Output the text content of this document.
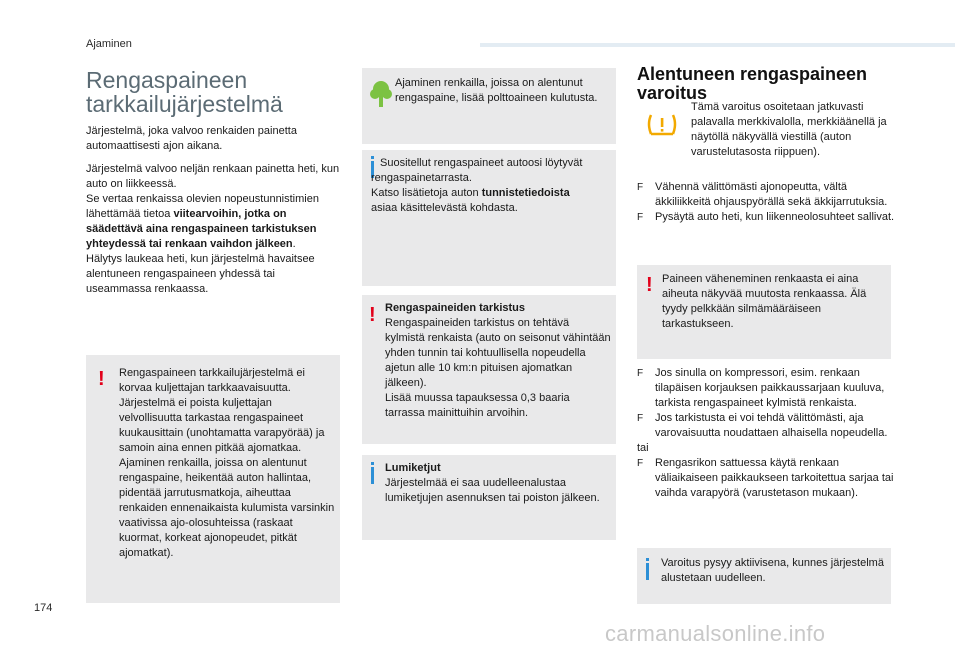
Ajaminen
Rengaspaineen
tarkkailujärjestelmä

Järjestelmä, joka valvoo renkaiden painetta automaattisesti ajon aikana.

Järjestelmä valvoo neljän renkaan painetta heti, kun auto on liikkeessä.
Se vertaa renkaissa olevien nopeustunnistimien lähettämää tietoa viitearvoihin, jotka on säädettävä aina rengaspaineen tarkistuksen yhteydessä tai renkaan vaihdon jälkeen.
Hälytys laukeaa heti, kun järjestelmä havaitsee alentuneen rengaspaineen yhdessä tai useammassa renkaassa.

! Rengaspaineen tarkkailujärjestelmä ei korvaa kuljettajan tarkkaavaisuutta. Järjestelmä ei poista kuljettajan velvollisuutta tarkastaa rengaspaineet kuukausittain (unohtamatta varapyörää) ja samoin aina ennen pitkää ajomatkaa. Ajaminen renkailla, joissa on alentunut rengaspaine, heikentää auton hallintaa, pidentää jarrutusmatkoja, aiheuttaa renkaiden ennenaikaista kulumista varsinkin vaativissa ajo-olosuhteissa (raskaat kuormat, korkeat ajonopeudet, pitkät ajomatkat).
Ajaminen renkailla, joissa on alentunut rengaspaine, lisää polttoaineen kulutusta.
Suositellut rengaspaineet autoosi löytyvät rengaspainetarrasta.
Katso lisätietoja auton tunnistetiedoista
asiaa käsittelevästä kohdasta.
! Rengaspaineiden tarkistus
Rengaspaineiden tarkistus on tehtävä kylmistä renkaista (auto on seisonut vähintään yhden tunnin tai kohtuullisella nopeudella ajetun alle 10 km:n pituisen ajomatkan jälkeen).
Lisää muussa tapauksessa 0,3 baaria tarrassa mainittuihin arvoihin.
Lumiketjut
Järjestelmää ei saa uudelleenalustaa lumiketjujen asennuksen tai poiston jälkeen.
Alentuneen rengaspaineen
varoitus
Tämä varoitus osoitetaan jatkuvasti palavalla merkkivalolla, merkkiäänellä ja näytöllä näkyvällä viestillä (auton varustelutasosta riippuen).
F Vähennä välittömästi ajonopeutta, vältä äkkiliikkeitä ohjauspyörällä sekä äkkijarrutuksia.
F Pysäytä auto heti, kun liikenneolosuhteet sallivat.
! Paineen väheneminen renkaasta ei aina aiheuta näkyvää muutosta renkaassa. Älä tyydy pelkkään silmämääräiseen tarkastukseen.
F Jos sinulla on kompressori, esim. renkaan tilapäisen korjauksen paikkaussarjaan kuuluva, tarkista rengaspaineet kylmistä renkaista.
F Jos tarkistusta ei voi tehdä välittömästi, aja varovaisuutta noudattaen alhaisella nopeudella.
tai
F Rengasrikon sattuessa käytä renkaan väliaikaiseen paikkaukseen tarkoitettua sarjaa tai vaihda varapyörä (varustetason mukaan).
Varoitus pysyy aktiivisena, kunnes järjestelmä alustetaan uudelleen.
174
carmanualsonline.info
